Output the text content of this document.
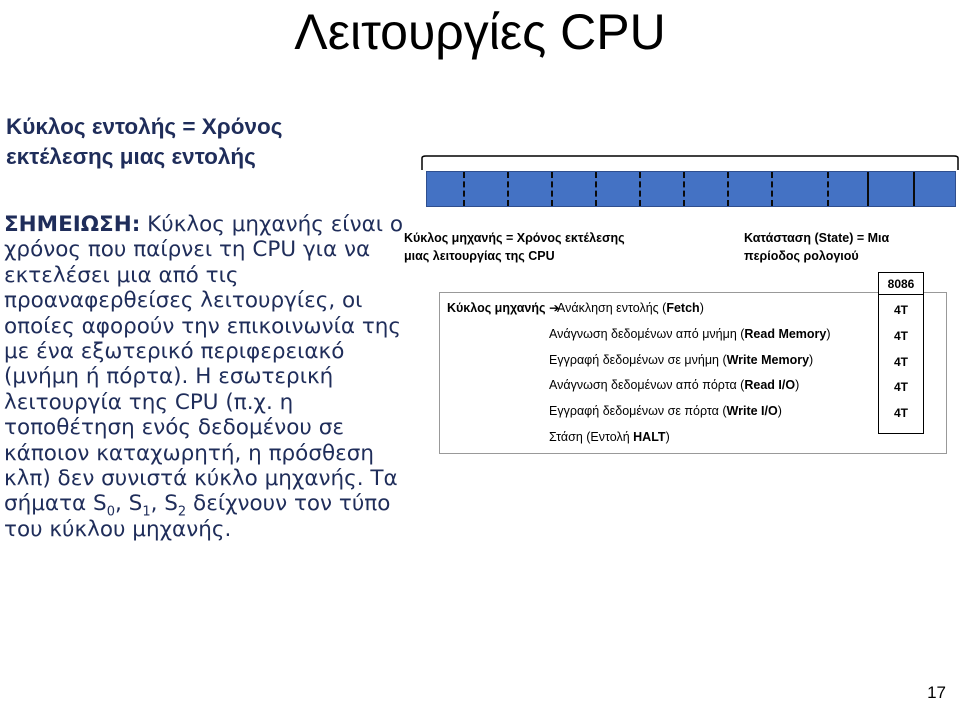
Λειτουργίες CPU
Κύκλος εντολής = Χρόνος εκτέλεσης μιας εντολής
ΣΗΜΕΙΩΣΗ: Κύκλος μηχανής είναι ο χρόνος που παίρνει τη CPU για να εκτελέσει μια από τις προαναφερθείσες λειτουργίες, οι οποίες αφορούν την επικοινωνία της με ένα εξωτερικό περιφερειακό (μνήμη ή πόρτα). Η εσωτερική λειτουργία της CPU (π.χ. η τοποθέτηση ενός δεδομένου σε κάποιον καταχωρητή, η πρόσθεση κλπ) δεν συνιστά κύκλο μηχανής. Τα σήματα $S_0$, $S_1$, $S_2$ δείχνουν τον τύπο του κύκλου μηχανής.
Κύκλος μηχανής = Χρόνος εκτέλεσης μιας λειτουργίας της CPU
Κατάσταση (State) = Μια περίοδος ρολογιού
Κύκλος μηχανής ➔
Ανάκληση εντολής (Fetch)
Ανάγνωση δεδομένων από μνήμη (Read Memory)
Εγγραφή δεδομένων σε μνήμη (Write Memory)
Ανάγνωση δεδομένων από πόρτα (Read I/O)
Εγγραφή δεδομένων σε πόρτα (Write I/O)
Στάση (Εντολή HALT)
8086
4T
4T
4T
4T
4T
17
